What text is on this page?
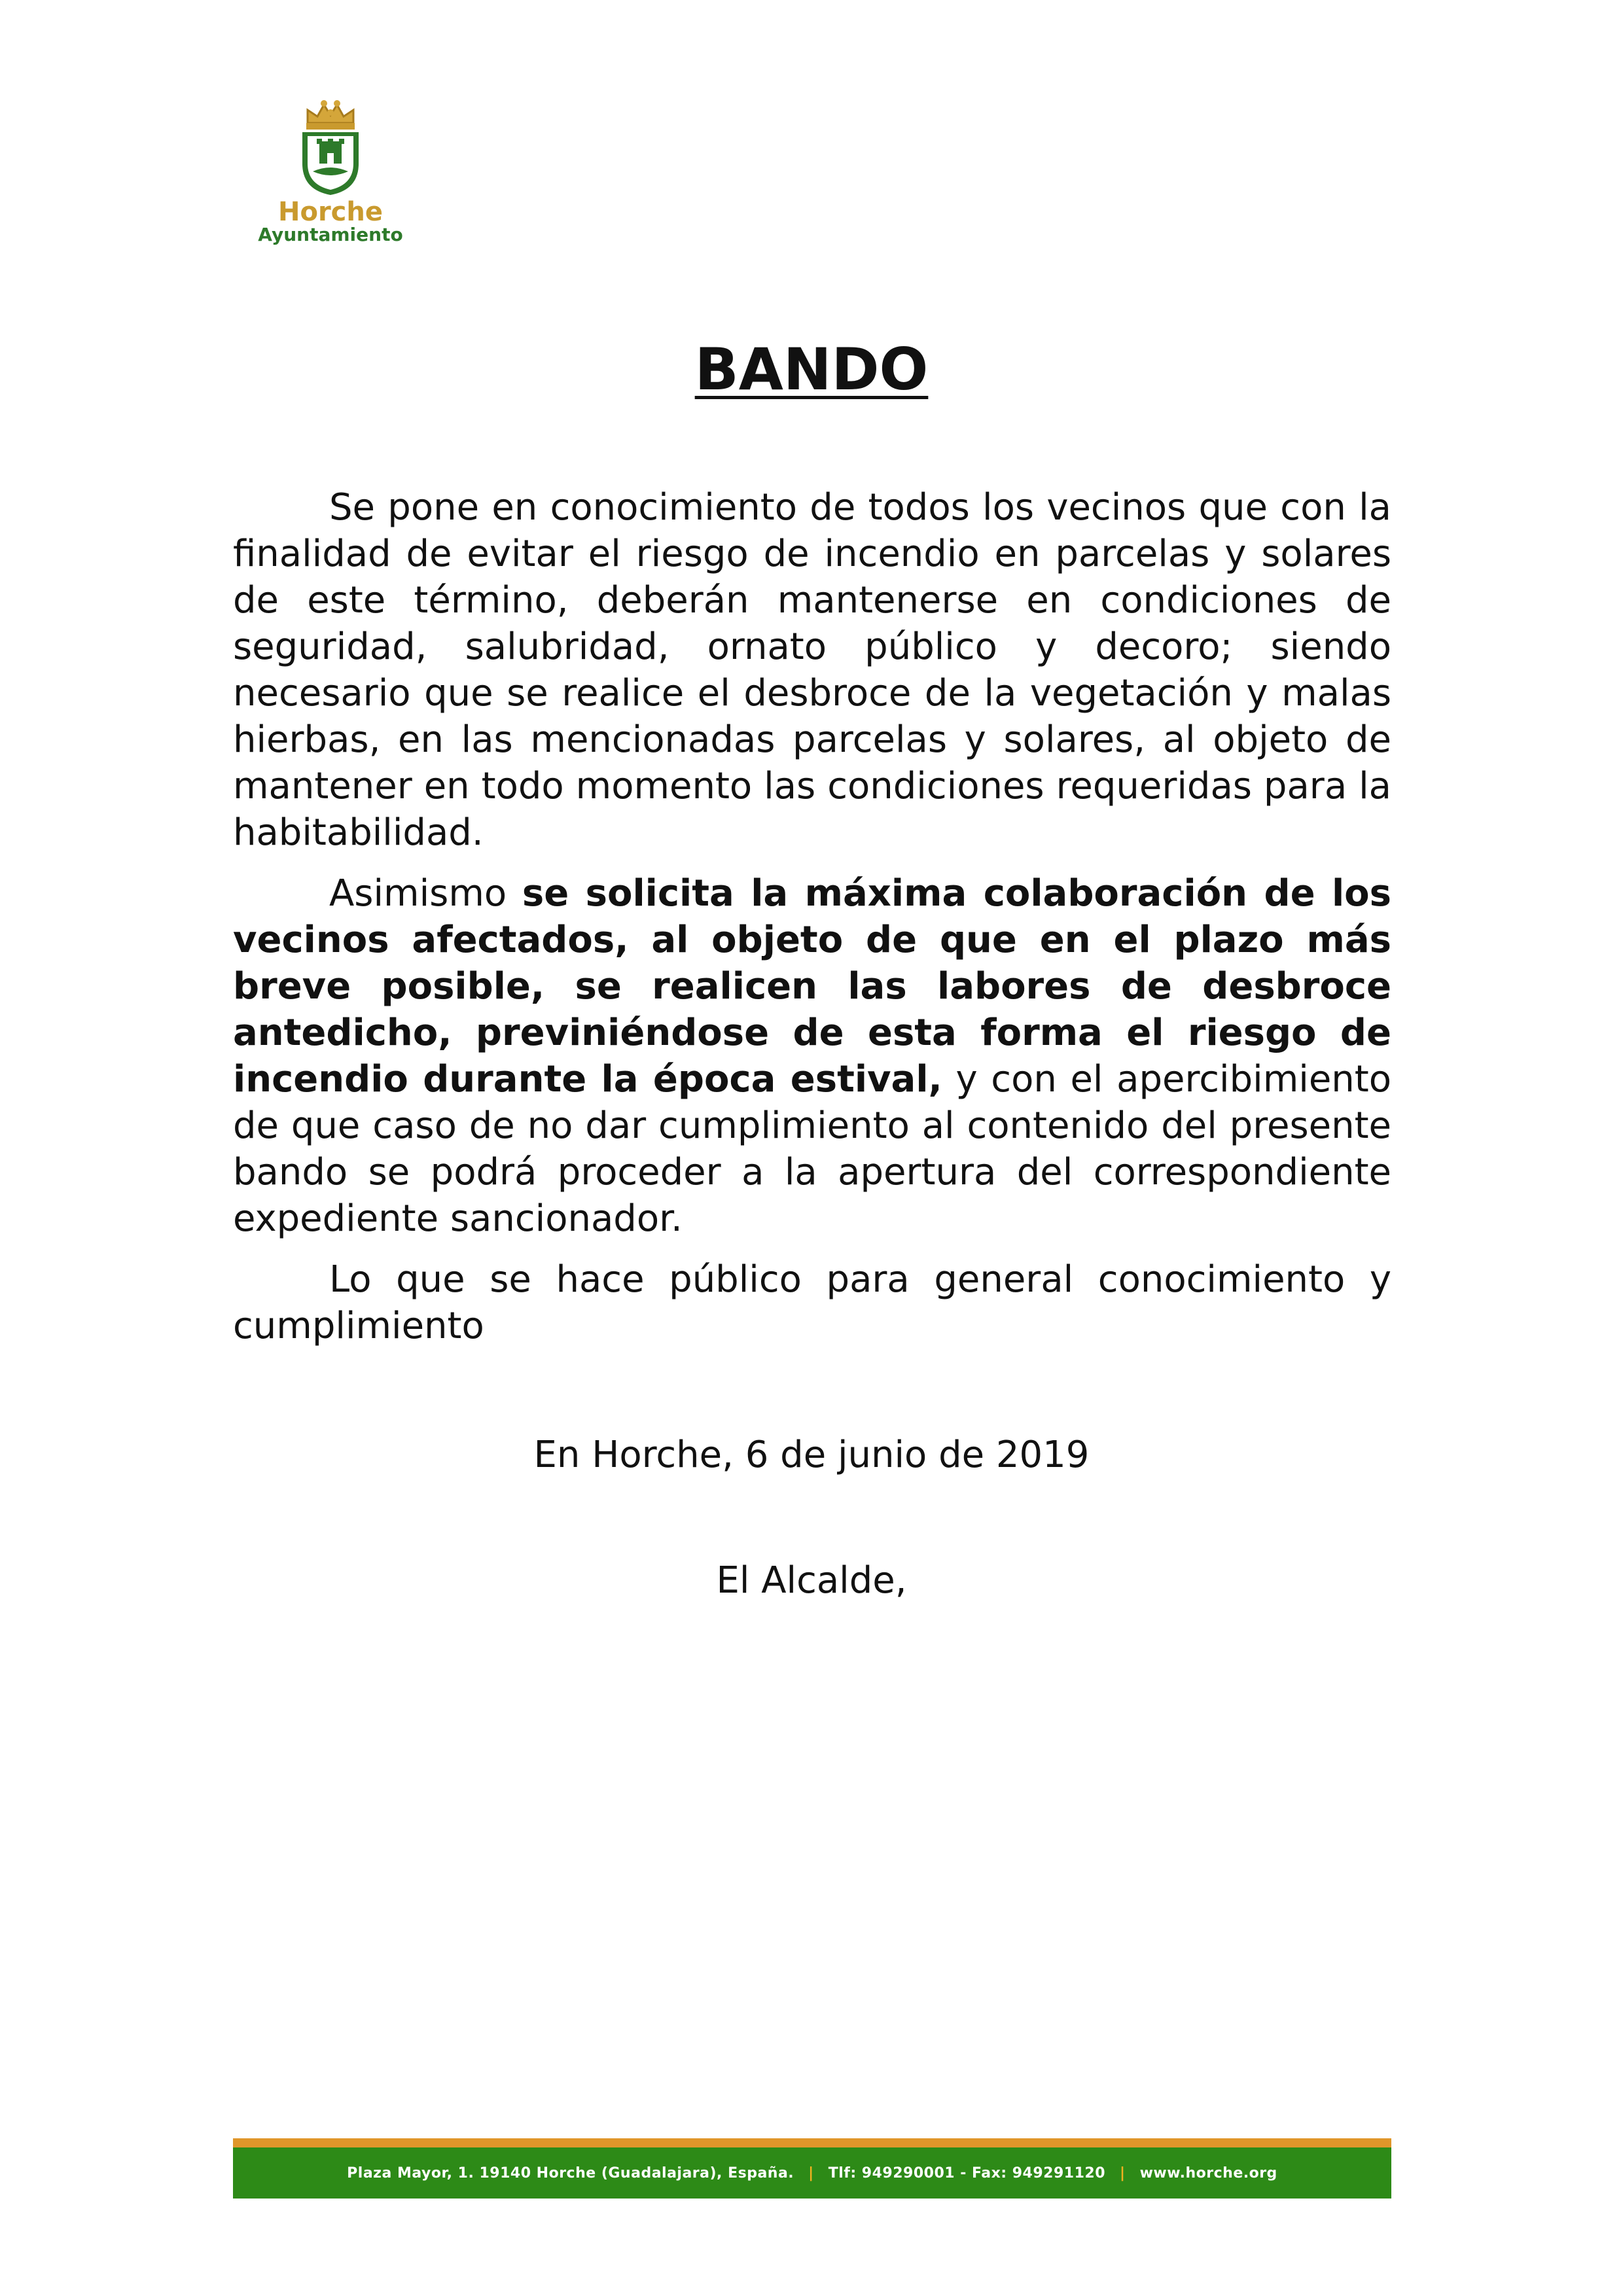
Horche
Ayuntamiento
BANDO

Se pone en conocimiento de todos los vecinos que con la finalidad de evitar el riesgo de incendio en parcelas y solares de este término, deberán mantenerse en condiciones de seguridad, salubridad, ornato público y decoro; siendo necesario que se realice el desbroce de la vegetación y malas hierbas, en las mencionadas parcelas y solares, al objeto de mantener en todo momento las condiciones requeridas para la habitabilidad.

Asimismo se solicita la máxima colaboración de los vecinos afectados, al objeto de que en el plazo más breve posible, se realicen las labores de desbroce antedicho, previniéndose de esta forma el riesgo de incendio durante la época estival, y con el apercibimiento de que caso de no dar cumplimiento al contenido del presente bando se podrá proceder a la apertura del correspondiente expediente sancionador.

Lo que se hace público para general conocimiento y cumplimiento

En Horche, 6 de junio de 2019
El Alcalde,
Plaza Mayor, 1. 19140 Horche (Guadalajara), España. | Tlf: 949290001 - Fax: 949291120 | www.horche.org
